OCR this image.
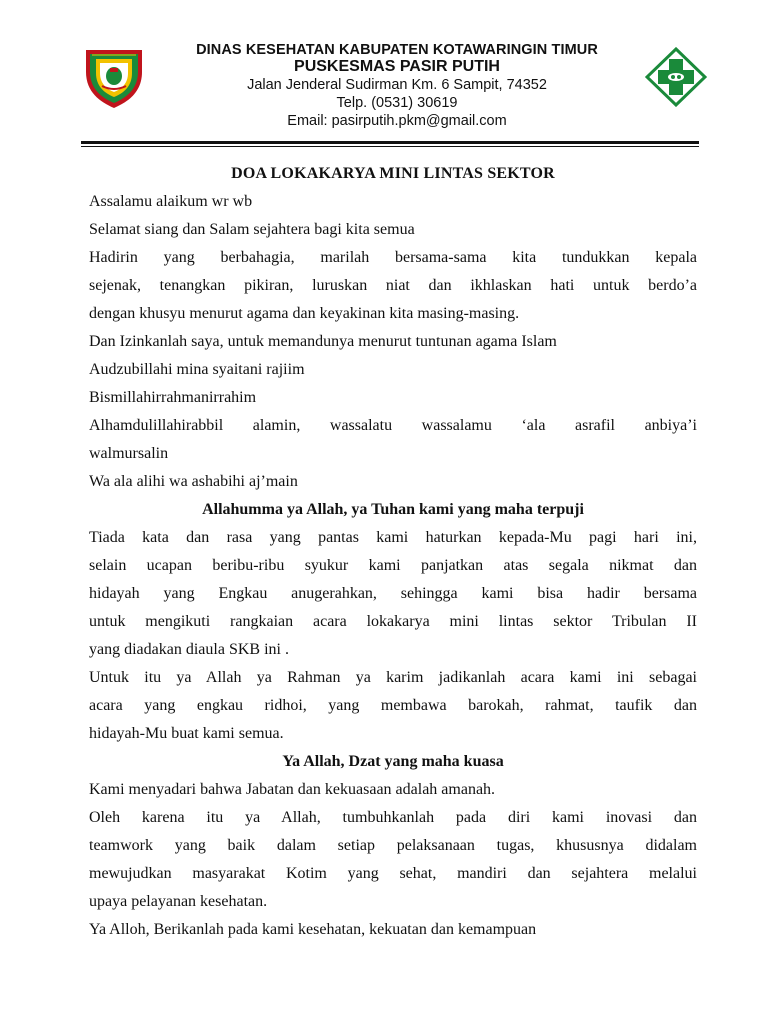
DINAS KESEHATAN KABUPATEN KOTAWARINGIN TIMUR
PUSKESMAS PASIR PUTIH
Jalan Jenderal Sudirman Km. 6 Sampit, 74352
Telp. (0531) 30619
Email: pasirputih.pkm@gmail.com
DOA LOKAKARYA MINI LINTAS SEKTOR
Assalamu alaikum wr wb
Selamat siang dan Salam sejahtera bagi kita semua
Hadirin yang berbahagia, marilah bersama-sama kita tundukkan kepala
sejenak, tenangkan pikiran, luruskan niat dan ikhlaskan hati untuk berdo’a
dengan khusyu menurut agama dan keyakinan kita masing-masing.
Dan Izinkanlah saya, untuk memandunya menurut tuntunan agama Islam
Audzubillahi mina syaitani rajiim
Bismillahirrahmanirrahim
Alhamdulillahirabbil alamin, wassalatu wassalamu ‘ala asrafil anbiya’i
walmursalin
Wa ala alihi wa ashabihi aj’main
Allahumma ya Allah, ya Tuhan kami yang maha terpuji
Tiada kata dan rasa yang pantas kami haturkan kepada-Mu pagi hari ini,
selain ucapan beribu-ribu syukur kami panjatkan atas segala nikmat dan
hidayah yang Engkau anugerahkan, sehingga kami bisa hadir bersama
untuk mengikuti rangkaian acara lokakarya mini lintas sektor Tribulan II
yang diadakan diaula SKB ini .
Untuk itu ya Allah ya Rahman ya karim jadikanlah acara kami ini sebagai
acara yang engkau ridhoi, yang membawa barokah, rahmat, taufik dan
hidayah-Mu buat kami semua.
Ya Allah, Dzat yang maha kuasa
Kami menyadari bahwa Jabatan dan kekuasaan adalah amanah.
Oleh karena itu ya Allah, tumbuhkanlah pada diri kami inovasi dan
teamwork yang baik dalam setiap pelaksanaan tugas, khususnya didalam
mewujudkan masyarakat Kotim yang sehat, mandiri dan sejahtera melalui
upaya pelayanan kesehatan.
Ya Alloh, Berikanlah pada kami kesehatan, kekuatan dan kemampuan
